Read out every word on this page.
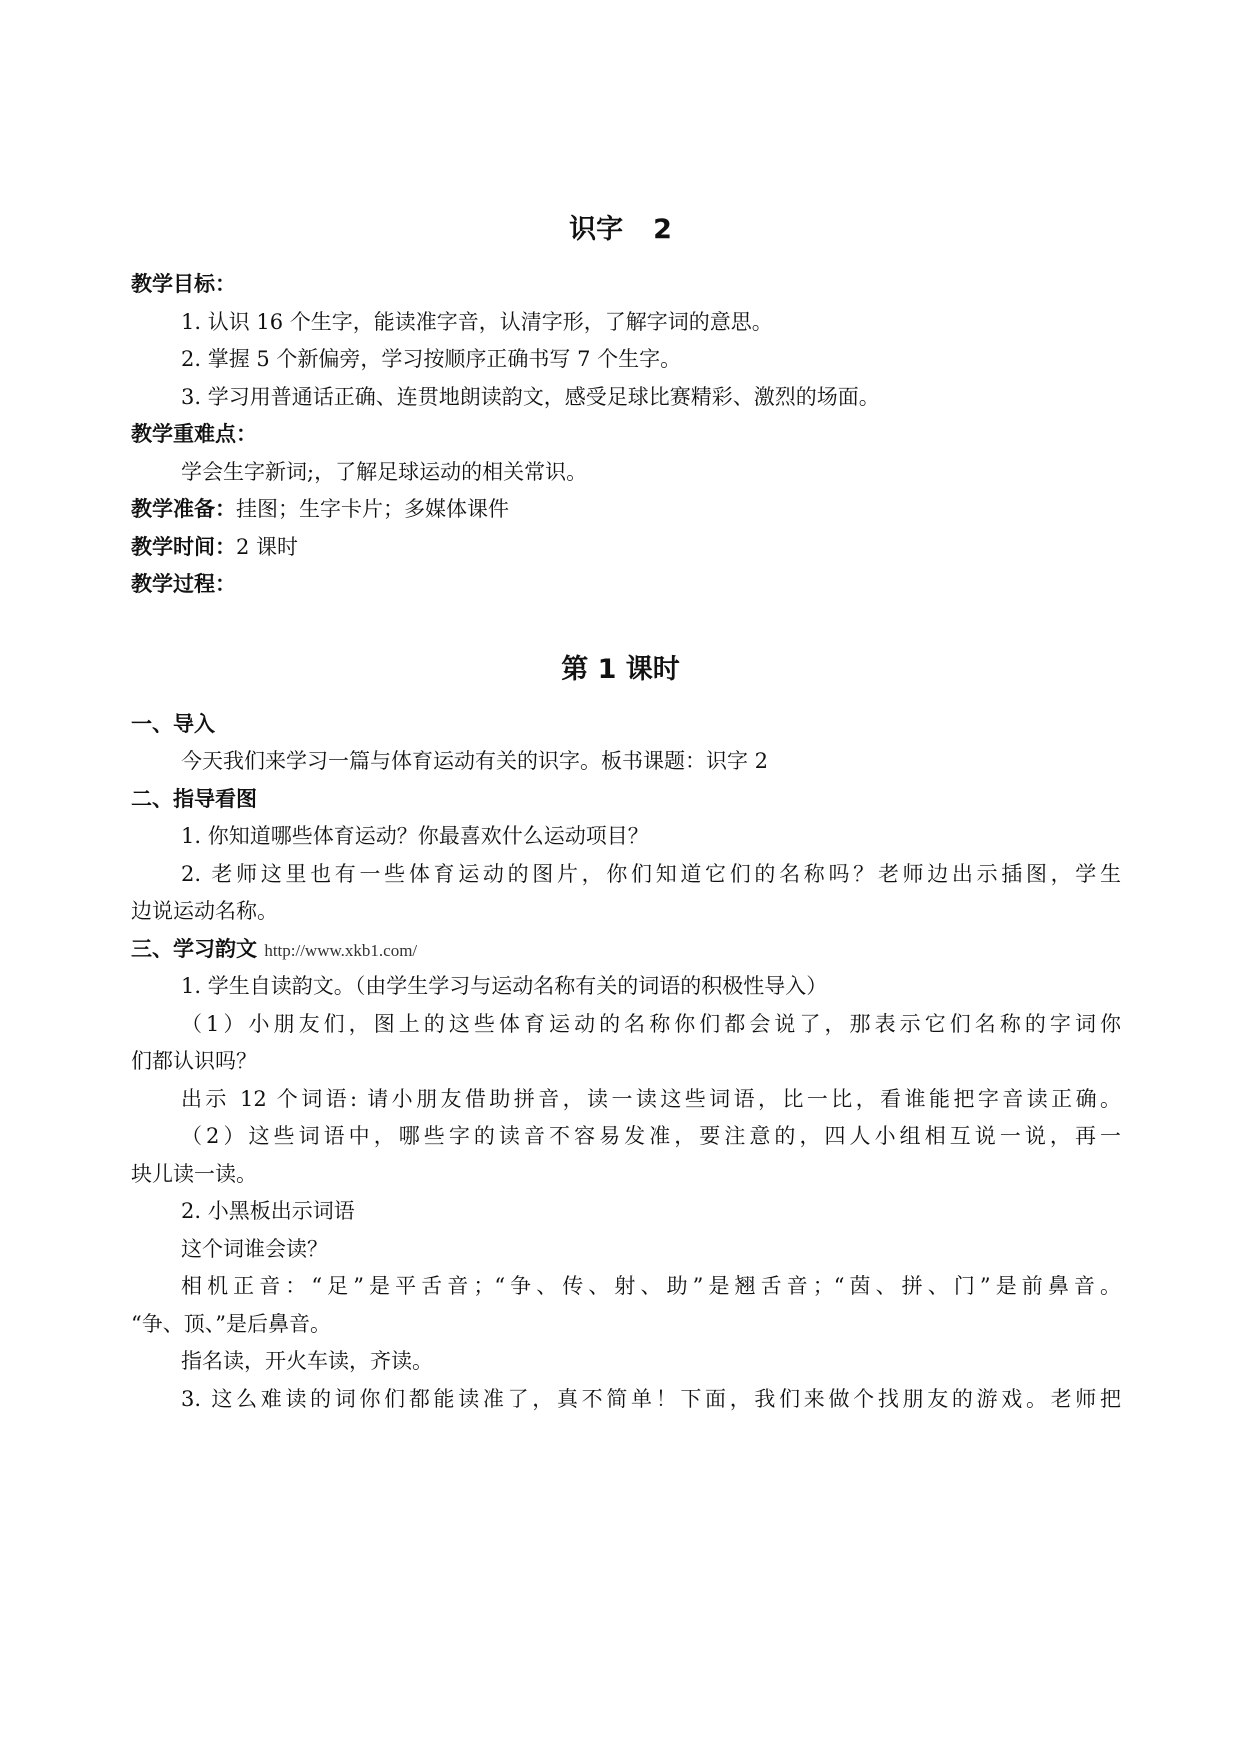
识字 2
教学目标：
1. 认识 16 个生字，能读准字音，认清字形，了解字词的意思。
2. 掌握 5 个新偏旁，学习按顺序正确书写 7 个生字。
3. 学习用普通话正确、连贯地朗读韵文，感受足球比赛精彩、激烈的场面。
教学重难点：
学会生字新词;，了解足球运动的相关常识。
教学准备：挂图；生字卡片；多媒体课件
教学时间：2 课时
教学过程：
第 1 课时
一、导入
今天我们来学习一篇与体育运动有关的识字。板书课题：识字 2
二、指导看图
1. 你知道哪些体育运动？你最喜欢什么运动项目？
2. 老师这里也有一些体育运动的图片，你们知道它们的名称吗？老师边出示插图，学生
边说运动名称。
三、学习韵文 http://www.xkb1.com/
1. 学生自读韵文。（由学生学习与运动名称有关的词语的积极性导入）
（1）小朋友们，图上的这些体育运动的名称你们都会说了，那表示它们名称的字词你
们都认识吗？
出示 12 个词语: 请小朋友借助拼音，读一读这些词语，比一比，看谁能把字音读正确。
（2）这些词语中，哪些字的读音不容易发准，要注意的，四人小组相互说一说，再一
块儿读一读。
2. 小黑板出示词语
这个词谁会读？
相机正音：“足”是平舌音；“争、传、射、助”是翘舌音；“茵、拼、门”是前鼻音。
“争、顶、”是后鼻音。
指名读，开火车读，齐读。
3. 这么难读的词你们都能读准了，真不简单！下面，我们来做个找朋友的游戏。老师把
